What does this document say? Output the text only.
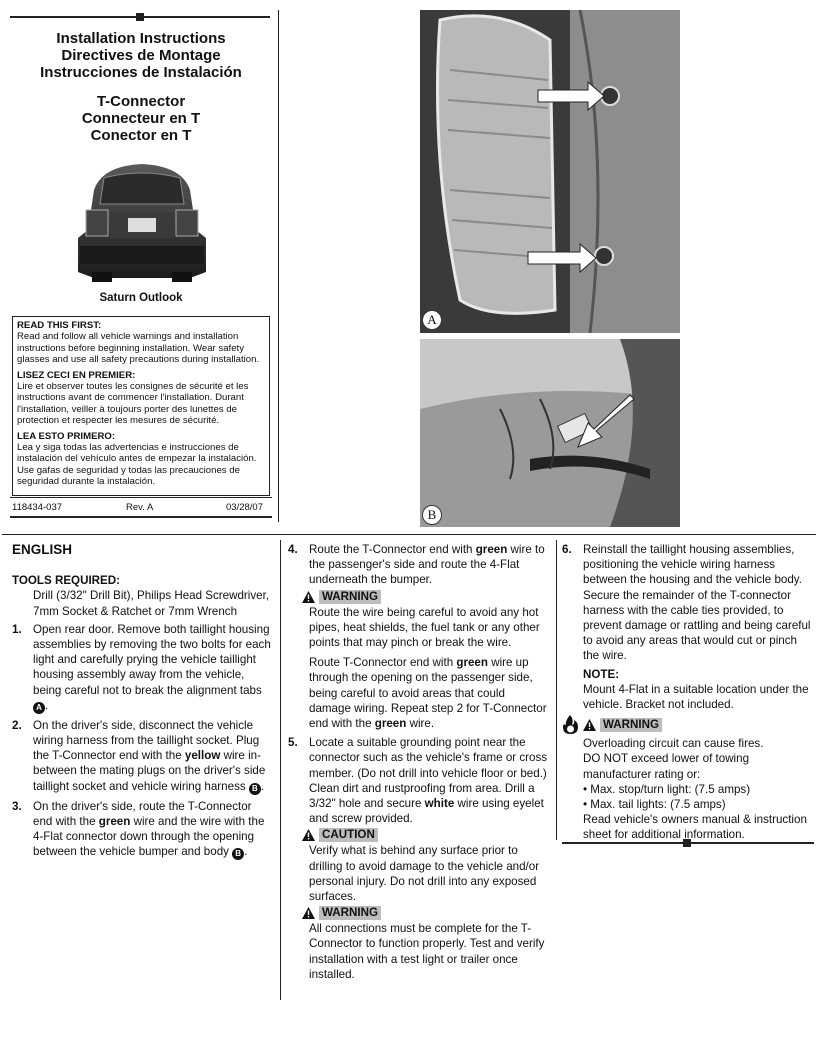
Installation Instructions
Directives de Montage
Instrucciones de Instalación
T-Connector
Connecteur en T
Conector en T
Saturn Outlook
READ THIS FIRST:
Read and follow all vehicle warnings and installation instructions before beginning installation. Wear safety glasses and use all safety precautions during installation.
LISEZ CECI EN PREMIER:
Lire et observer toutes les consignes de sécurité et les instructions avant de commencer l'installation. Durant l'installation, veiller à toujours porter des lunettes de protection et respecter les mesures de sécurité.
LEA ESTO PRIMERO:
Lea y siga todas las advertencias e instrucciones de instalación del vehículo antes de empezar la instalación. Use gafas de seguridad y todas las precauciones de seguridad durante la instalación.
118434-037	Rev. A	03/28/07
A
B
ENGLISH
TOOLS REQUIRED:
Drill (3/32" Drill Bit), Philips Head Screwdriver, 7mm Socket & Ratchet or 7mm Wrench
1. Open rear door. Remove both taillight housing assemblies by removing the two bolts for each light and carefully prying the vehicle taillight housing assembly away from the vehicle, being careful not to break the alignment tabs A .
2. On the driver's side, disconnect the vehicle wiring harness from the taillight socket. Plug the T-Connector end with the yellow wire in-between the mating plugs on the driver's side taillight socket and vehicle wiring harness B .
3. On the driver's side, route the T-Connector end with the green wire and the wire with the 4-Flat connector down through the opening between the vehicle bumper and body B .
4. Route the T-Connector end with green wire to the passenger's side and route the 4-Flat underneath the bumper.
WARNING
Route the wire being careful to avoid any hot pipes, heat shields, the fuel tank or any other points that may pinch or break the wire.
Route T-Connector end with green wire up through the opening on the passenger side, being careful to avoid areas that could damage wiring. Repeat step 2 for T-Connector end with the green wire.
5. Locate a suitable grounding point near the connector such as the vehicle's frame or cross member. (Do not drill into vehicle floor or bed.) Clean dirt and rustproofing from area. Drill a 3/32" hole and secure white wire using eyelet and screw provided.
CAUTION
Verify what is behind any surface prior to drilling to avoid damage to the vehicle and/or personal injury. Do not drill into any exposed surfaces.
WARNING
All connections must be complete for the T-Connector to function properly. Test and verify installation with a test light or trailer once installed.
6. Reinstall the taillight housing assemblies, positioning the vehicle wiring harness between the housing and the vehicle body. Secure the remainder of the T-connector harness with the cable ties provided, to prevent damage or rattling and being careful to avoid any areas that would cut or pinch the wire.
NOTE:
Mount 4-Flat in a suitable location under the vehicle. Bracket not included.
WARNING
Overloading circuit can cause fires.
DO NOT exceed lower of towing manufacturer rating or:
• Max. stop/turn light: (7.5 amps)
• Max. tail lights: (7.5 amps)
Read vehicle's owners manual & instruction sheet for additional information.
